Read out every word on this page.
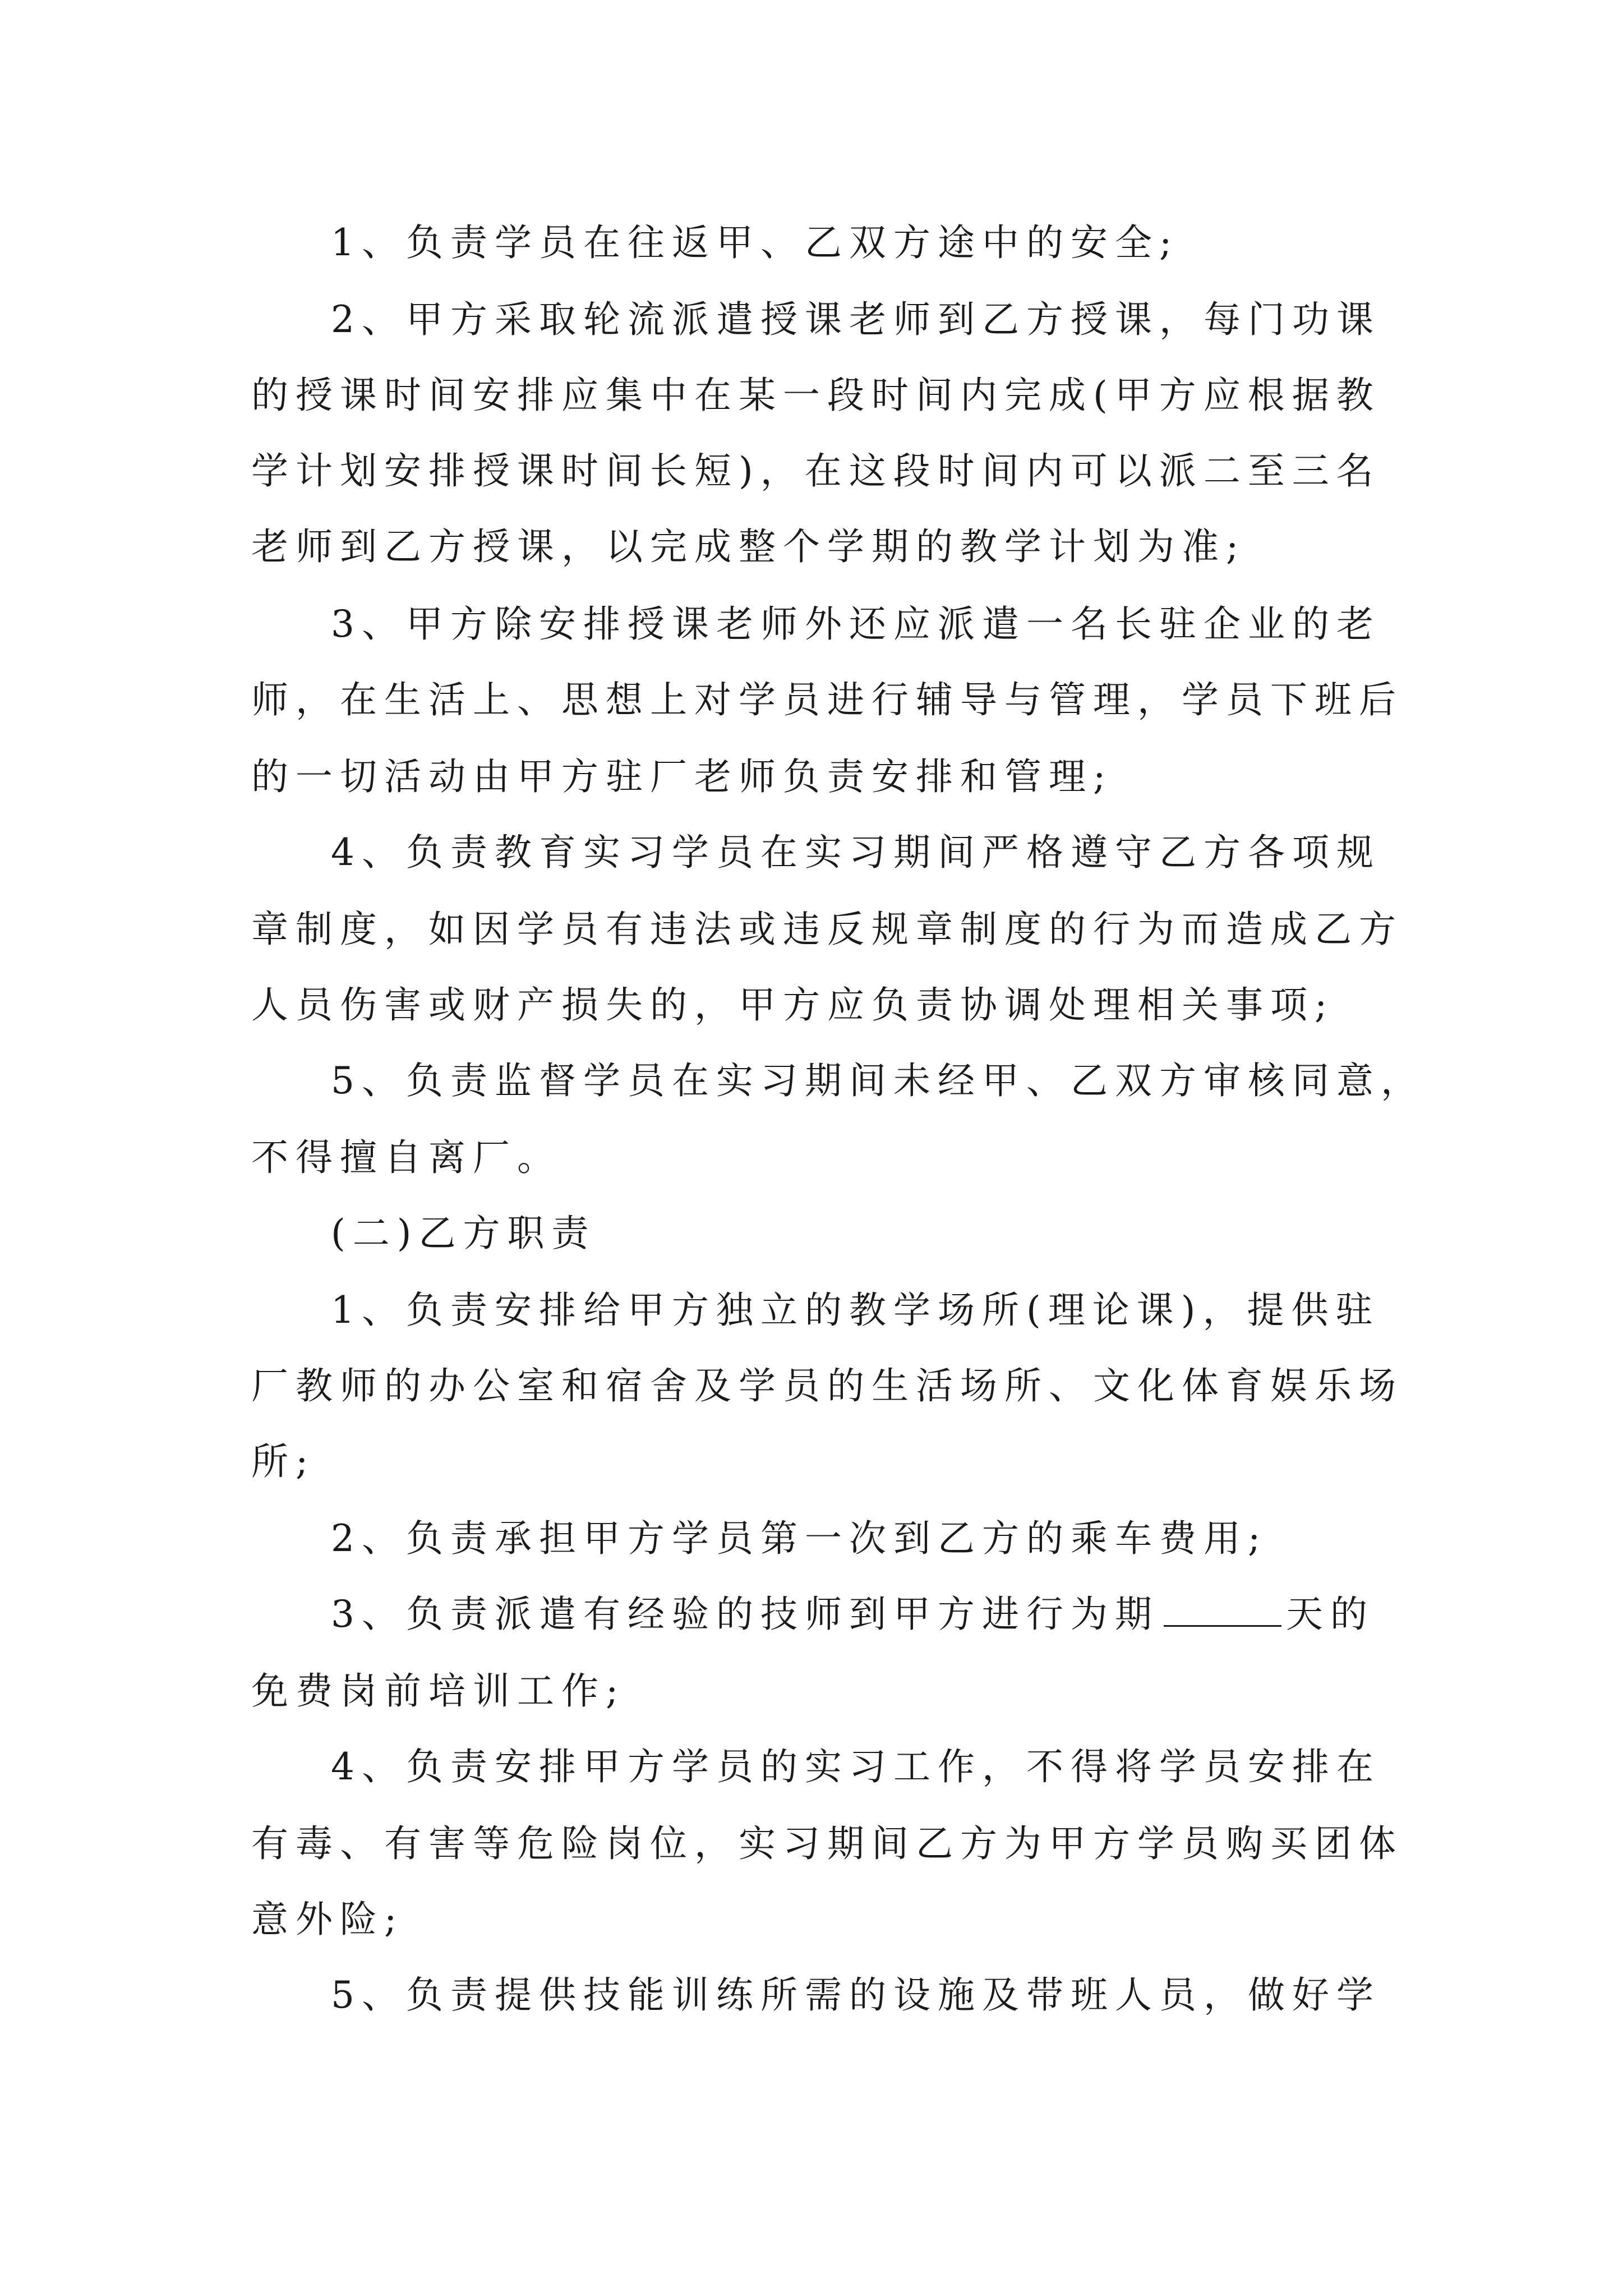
1、负责学员在往返甲、乙双方途中的安全;
2、甲方采取轮流派遣授课老师到乙方授课，每门功课
的授课时间安排应集中在某一段时间内完成(甲方应根据教
学计划安排授课时间长短)，在这段时间内可以派二至三名
老师到乙方授课，以完成整个学期的教学计划为准;
3、甲方除安排授课老师外还应派遣一名长驻企业的老
师，在生活上、思想上对学员进行辅导与管理，学员下班后
的一切活动由甲方驻厂老师负责安排和管理;
4、负责教育实习学员在实习期间严格遵守乙方各项规
章制度，如因学员有违法或违反规章制度的行为而造成乙方
人员伤害或财产损失的，甲方应负责协调处理相关事项;
5、负责监督学员在实习期间未经甲、乙双方审核同意，
不得擅自离厂。
(二)乙方职责
1、负责安排给甲方独立的教学场所(理论课)，提供驻
厂教师的办公室和宿舍及学员的生活场所、文化体育娱乐场
所;
2、负责承担甲方学员第一次到乙方的乘车费用;
3、负责派遣有经验的技师到甲方进行为期	天的
免费岗前培训工作;
4、负责安排甲方学员的实习工作，不得将学员安排在
有毒、有害等危险岗位，实习期间乙方为甲方学员购买团体
意外险;
5、负责提供技能训练所需的设施及带班人员，做好学
